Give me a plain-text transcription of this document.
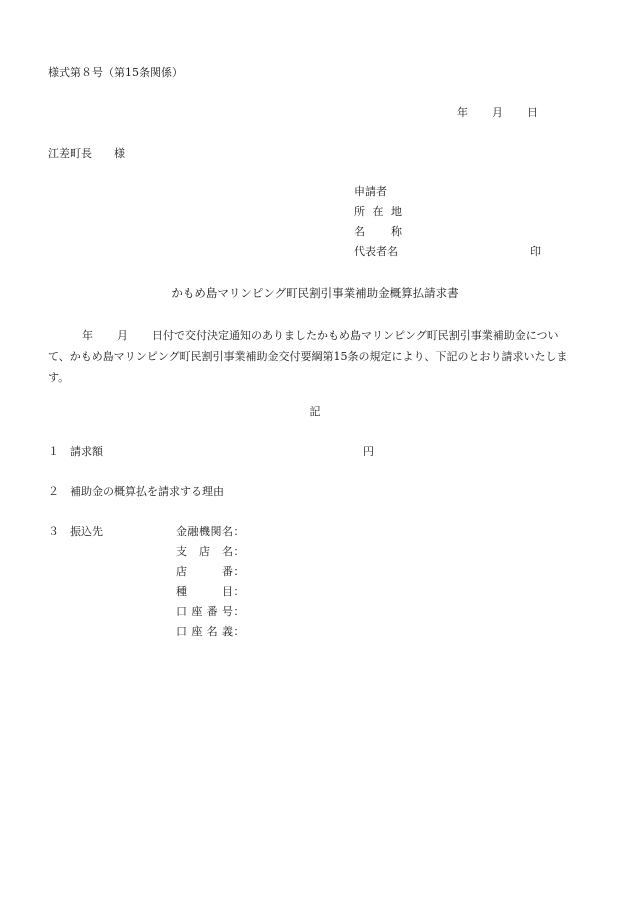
様式第８号（第15条関係）
年 月 日
江差町長　　様
申請者
所在地
名称
代表者名	印
かもめ島マリンピング町民割引事業補助金概算払請求書
年 月 日付で交付決定通知のありましたかもめ島マリンピング町民割引事業補助金について、かもめ島マリンピング町民割引事業補助金交付要綱第15条の規定により、下記のとおり請求いたします。
記
１ 請求額	円
２ 補助金の概算払を請求する理由
３ 振込先	金融機関名 ：
支店名 ：
店番 ：
種目 ：
口座番号 ：
口座名義 ：
